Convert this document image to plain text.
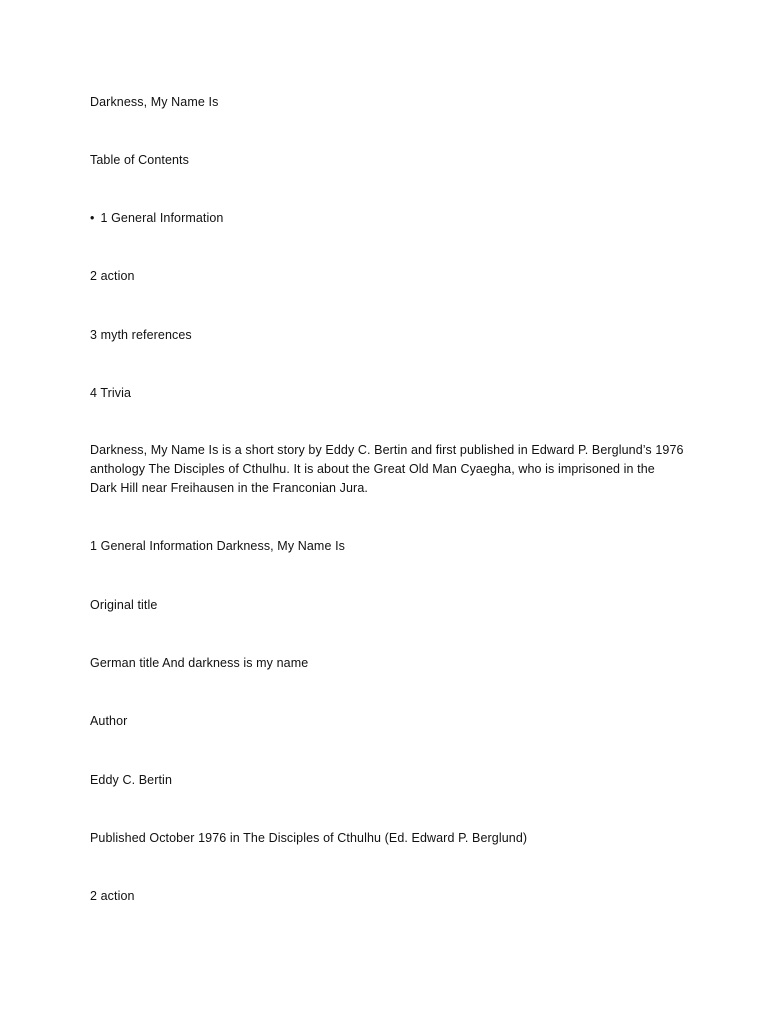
Darkness, My Name Is
Table of Contents
• 1 General Information
2 action
3 myth references
4 Trivia
Darkness, My Name Is is a short story by Eddy C. Bertin and first published in Edward P. Berglund’s 1976
anthology The Disciples of Cthulhu. It is about the Great Old Man Cyaegha, who is imprisoned in the
Dark Hill near Freihausen in the Franconian Jura.
1 General Information Darkness, My Name Is
Original title
German title And darkness is my name
Author
Eddy C. Bertin
Published October 1976 in The Disciples of Cthulhu (Ed. Edward P. Berglund)
2 action
